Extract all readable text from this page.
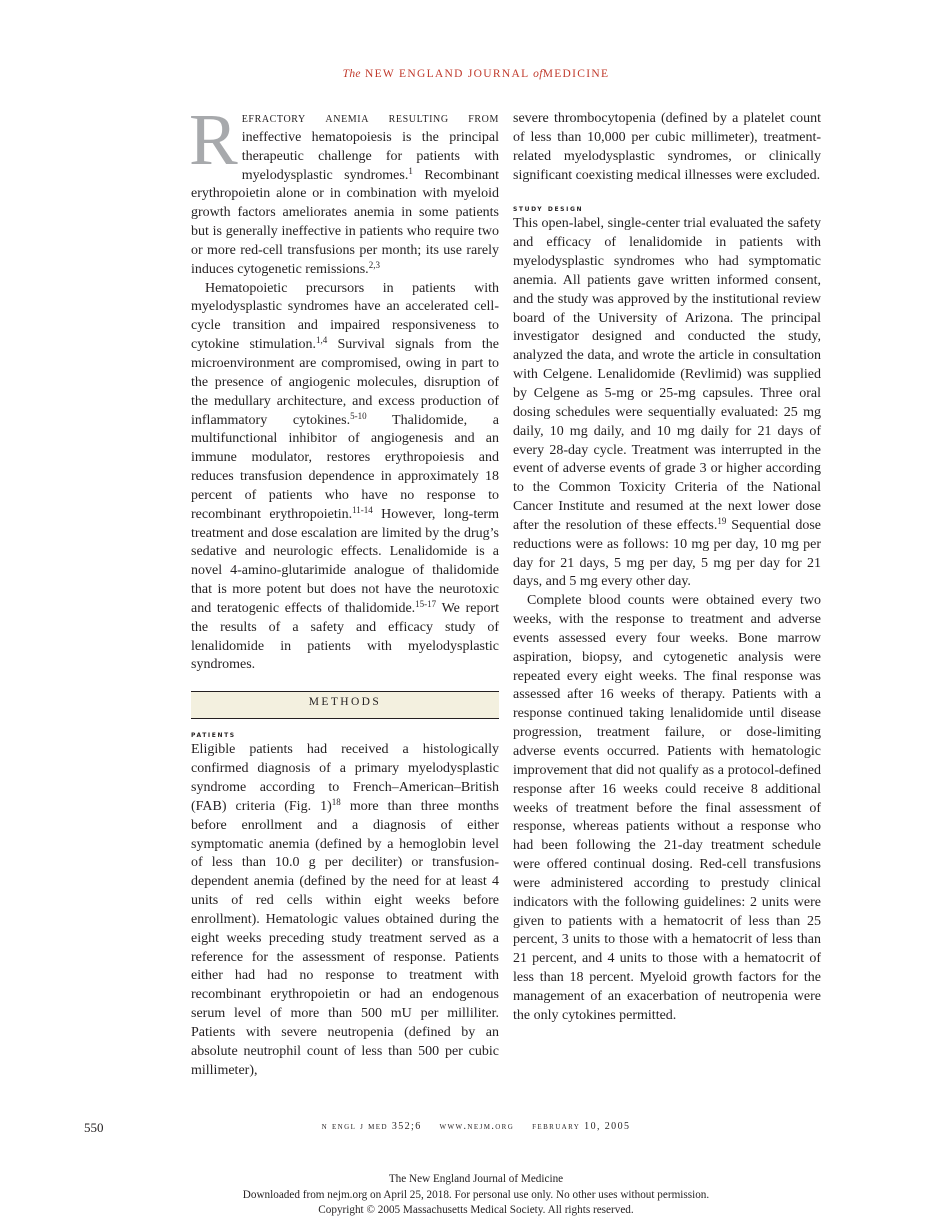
The NEW ENGLAND JOURNAL ofMEDICINE

Refractory anemia resulting from ineffective hematopoiesis is the principal therapeutic challenge for patients with myelodysplastic syndromes.$^1$ Recombinant erythropoietin alone or in combination with myeloid growth factors ameliorates anemia in some patients but is generally ineffective in patients who require two or more red-cell transfusions per month; its use rarely induces cytogenetic remissions.$^{2,3}$

Hematopoietic precursors in patients with myelodysplastic syndromes have an accelerated cell-cycle transition and impaired responsiveness to cytokine stimulation.$^{1,4}$ Survival signals from the microenvironment are compromised, owing in part to the presence of angiogenic molecules, disruption of the medullary architecture, and excess production of inflammatory cytokines.$^{5-10}$ Thalidomide, a multifunctional inhibitor of angiogenesis and an immune modulator, restores erythropoiesis and reduces transfusion dependence in approximately 18 percent of patients who have no response to recombinant erythropoietin.$^{11-14}$ However, long-term treatment and dose escalation are limited by the drug’s sedative and neurologic effects. Lenalidomide is a novel 4-amino-glutarimide analogue of thalidomide that is more potent but does not have the neurotoxic and teratogenic effects of thalidomide.$^{15-17}$ We report the results of a safety and efficacy study of lenalidomide in patients with myelodysplastic syndromes.

METHODS
patients

Eligible patients had received a histologically confirmed diagnosis of a primary myelodysplastic syndrome according to French–American–British (FAB) criteria (Fig. 1)$^{18}$ more than three months before enrollment and a diagnosis of either symptomatic anemia (defined by a hemoglobin level of less than 10.0 g per deciliter) or transfusion-dependent anemia (defined by the need for at least 4 units of red cells within eight weeks before enrollment). Hematologic values obtained during the eight weeks preceding study treatment served as a reference for the assessment of response. Patients either had had no response to treatment with recombinant erythropoietin or had an endogenous serum level of more than 500 mU per milliliter. Patients with severe neutropenia (defined by an absolute neutrophil count of less than 500 per cubic millimeter),

severe thrombocytopenia (defined by a platelet count of less than 10,000 per cubic millimeter), treatment-related myelodysplastic syndromes, or clinically significant coexisting medical illnesses were excluded.

study design

This open-label, single-center trial evaluated the safety and efficacy of lenalidomide in patients with myelodysplastic syndromes who had symptomatic anemia. All patients gave written informed consent, and the study was approved by the institutional review board of the University of Arizona. The principal investigator designed and conducted the study, analyzed the data, and wrote the article in consultation with Celgene. Lenalidomide (Revlimid) was supplied by Celgene as 5-mg or 25-mg capsules. Three oral dosing schedules were sequentially evaluated: 25 mg daily, 10 mg daily, and 10 mg daily for 21 days of every 28-day cycle. Treatment was interrupted in the event of adverse events of grade 3 or higher according to the Common Toxicity Criteria of the National Cancer Institute and resumed at the next lower dose after the resolution of these effects.$^{19}$ Sequential dose reductions were as follows: 10 mg per day, 10 mg per day for 21 days, 5 mg per day, 5 mg per day for 21 days, and 5 mg every other day.

Complete blood counts were obtained every two weeks, with the response to treatment and adverse events assessed every four weeks. Bone marrow aspiration, biopsy, and cytogenetic analysis were repeated every eight weeks. The final response was assessed after 16 weeks of therapy. Patients with a response continued taking lenalidomide until disease progression, treatment failure, or dose-limiting adverse events occurred. Patients with hematologic improvement that did not qualify as a protocol-defined response after 16 weeks could receive 8 additional weeks of treatment before the final assessment of response, whereas patients without a response who had been following the 21-day treatment schedule were offered continual dosing. Red-cell transfusions were administered according to prestudy clinical indicators with the following guidelines: 2 units were given to patients with a hematocrit of less than 25 percent, 3 units to those with a hematocrit of less than 21 percent, and 4 units to those with a hematocrit of less than 18 percent. Myeloid growth factors for the management of an exacerbation of neutropenia were the only cytokines permitted.

550	n engl j med 352;6 www.nejm.org february 10, 2005
The New England Journal of Medicine
Downloaded from nejm.org on April 25, 2018. For personal use only. No other uses without permission.
Copyright © 2005 Massachusetts Medical Society. All rights reserved.
